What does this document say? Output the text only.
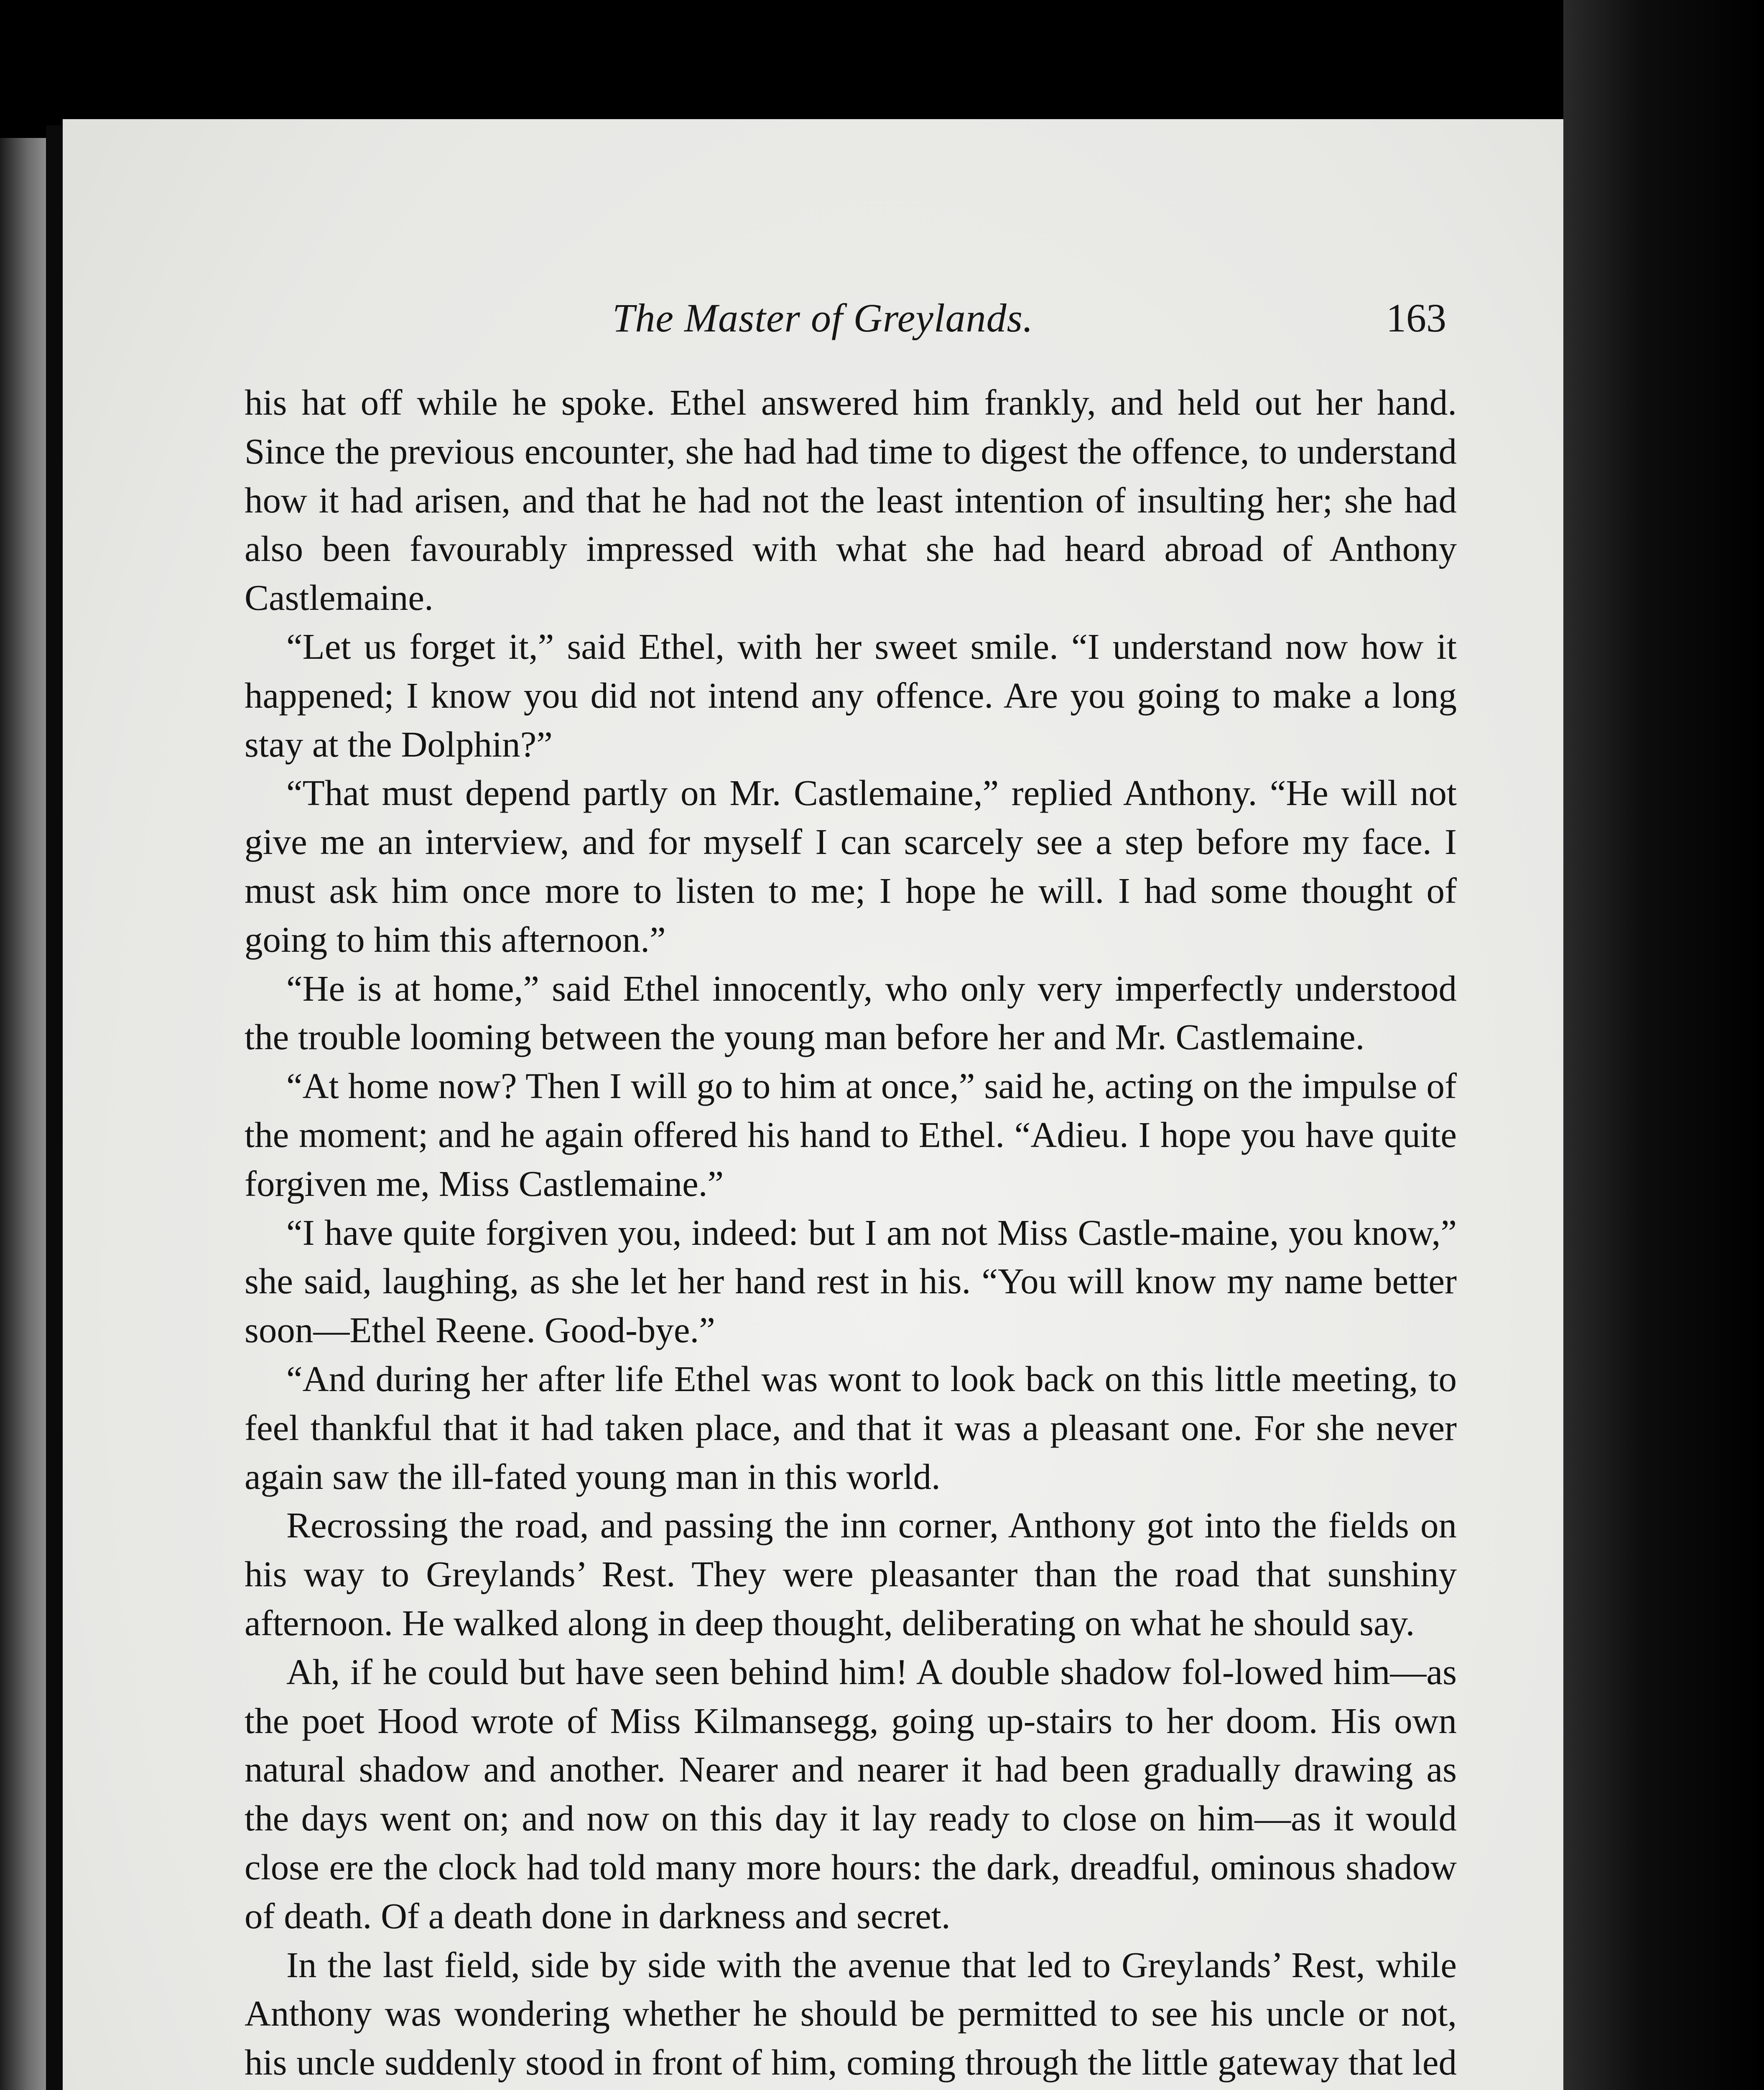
The Master of Greylands.	163

his hat off while he spoke. Ethel answered him frankly, and held out her hand. Since the previous encounter, she had had time to digest the offence, to understand how it had arisen, and that he had not the least intention of insulting her; she had also been favourably impressed with what she had heard abroad of Anthony Castlemaine.

“Let us forget it,” said Ethel, with her sweet smile. “I understand now how it happened; I know you did not intend any offence. Are you going to make a long stay at the Dolphin?”

“That must depend partly on Mr. Castlemaine,” replied Anthony. “He will not give me an interview, and for myself I can scarcely see a step before my face. I must ask him once more to listen to me; I hope he will. I had some thought of going to him this afternoon.”

“He is at home,” said Ethel innocently, who only very imperfectly understood the trouble looming between the young man before her and Mr. Castlemaine.

“At home now? Then I will go to him at once,” said he, acting on the impulse of the moment; and he again offered his hand to Ethel. “Adieu. I hope you have quite forgiven me, Miss Castlemaine.”

“I have quite forgiven you, indeed: but I am not Miss Castle-maine, you know,” she said, laughing, as she let her hand rest in his. “You will know my name better soon—Ethel Reene. Good-bye.”

“And during her after life Ethel was wont to look back on this little meeting, to feel thankful that it had taken place, and that it was a pleasant one. For she never again saw the ill-fated young man in this world.

Recrossing the road, and passing the inn corner, Anthony got into the fields on his way to Greylands’ Rest. They were pleasanter than the road that sunshiny afternoon. He walked along in deep thought, deliberating on what he should say.

Ah, if he could but have seen behind him! A double shadow fol-lowed him—as the poet Hood wrote of Miss Kilmansegg, going up-stairs to her doom. His own natural shadow and another. Nearer and nearer it had been gradually drawing as the days went on; and now on this day it lay ready to close on him—as it would close ere the clock had told many more hours: the dark, dreadful, ominous shadow of death. Of a death done in darkness and secret.

In the last field, side by side with the avenue that led to Greylands’ Rest, while Anthony was wondering whether he should be permitted to see his uncle or not, his uncle suddenly stood in front of him, coming through the little gateway that led
